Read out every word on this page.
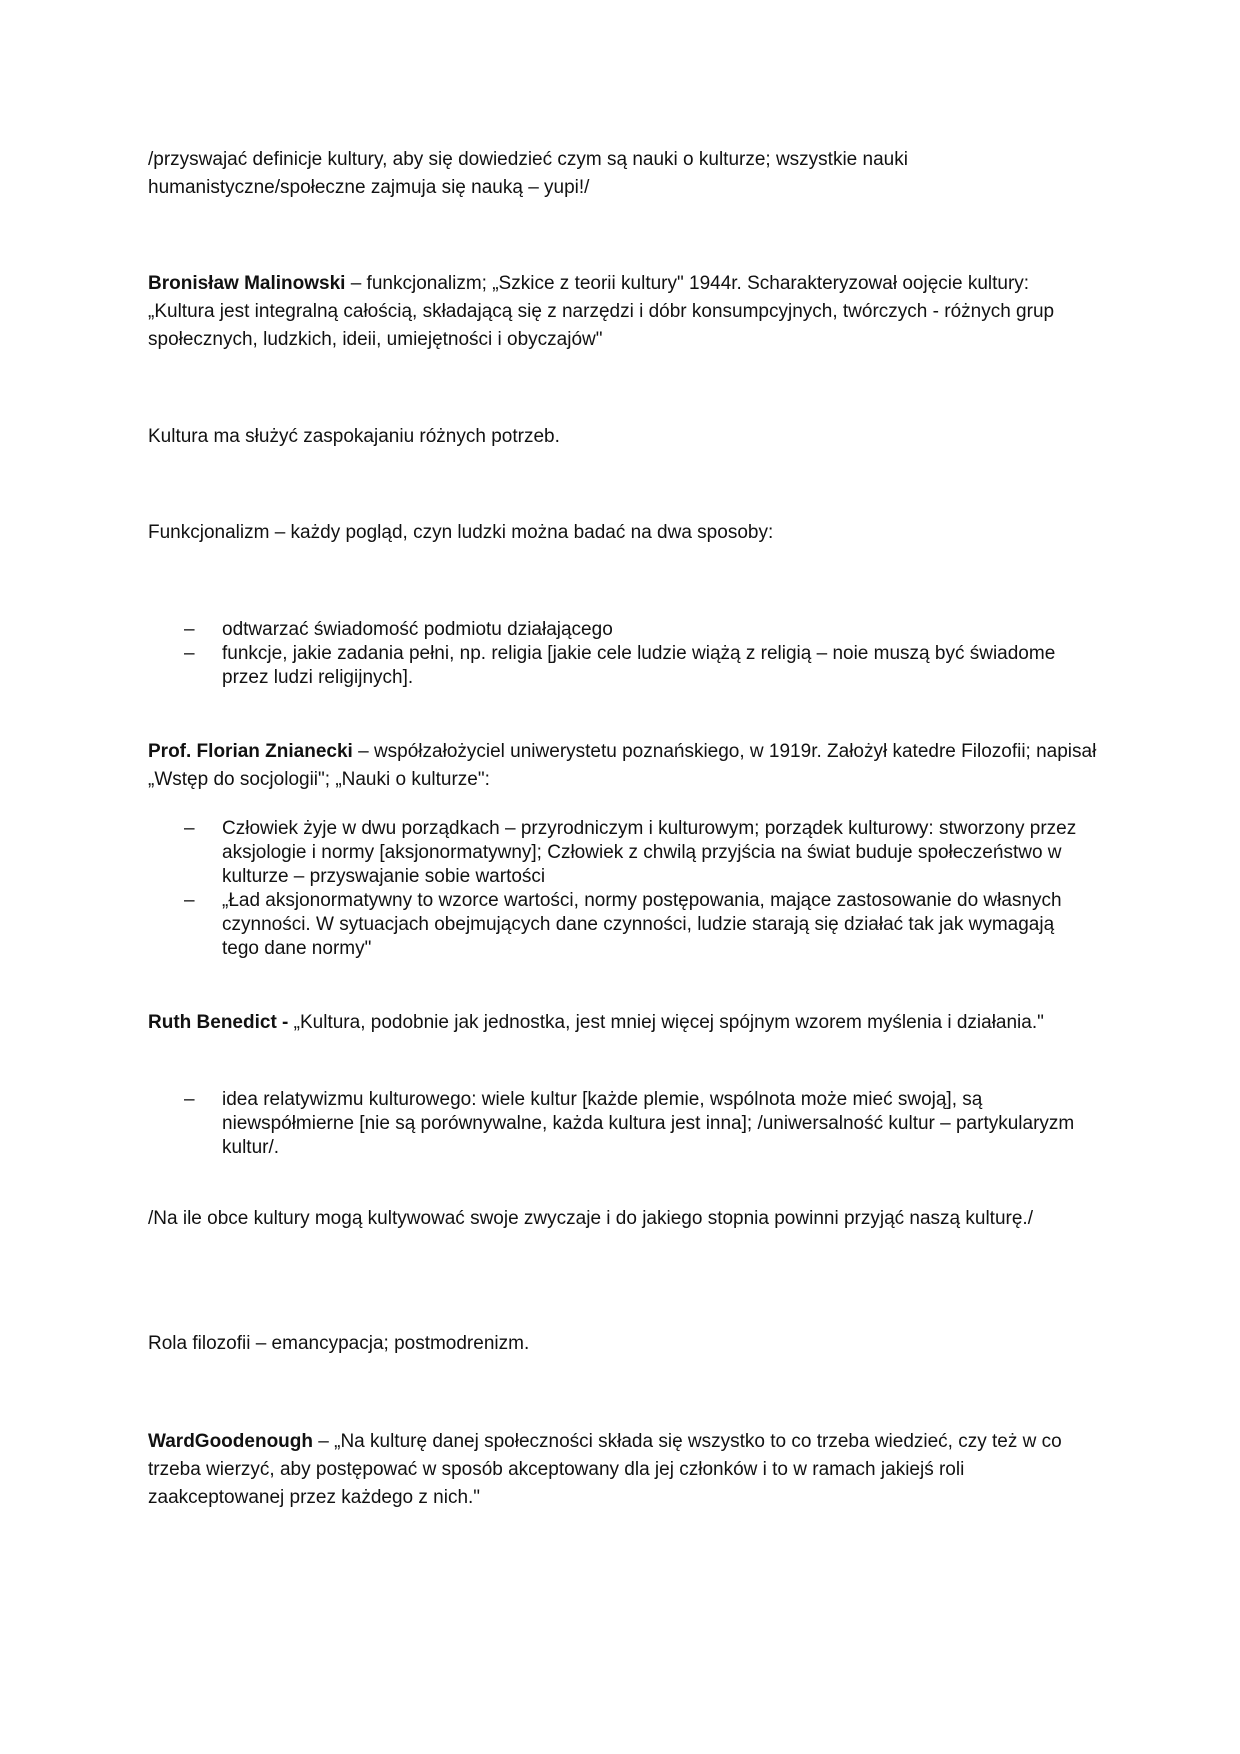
/przyswajać definicje kultury, aby się dowiedzieć czym są nauki o kulturze; wszystkie nauki humanistyczne/społeczne zajmuja się nauką – yupi!/

Bronisław Malinowski – funkcjonalizm; „Szkice z teorii kultury" 1944r. Scharakteryzował oojęcie kultury: „Kultura jest integralną całością, składającą się z narzędzi i dóbr konsumpcyjnych, twórczych - różnych grup społecznych, ludzkich, ideii, umiejętności i obyczajów"

Kultura ma służyć zaspokajaniu różnych potrzeb.

Funkcjonalizm – każdy pogląd, czyn ludzki można badać na dwa sposoby:

–	odtwarzać świadomość podmiotu działającego
–	funkcje, jakie zadania pełni, np. religia [jakie cele ludzie wiążą z religią – noie muszą być świadome przez ludzi religijnych].

Prof. Florian Znianecki – współzałożyciel uniwerystetu poznańskiego, w 1919r. Założył katedre Filozofii; napisał „Wstęp do socjologii"; „Nauki o kulturze":

–	Człowiek żyje w dwu porządkach – przyrodniczym i kulturowym; porządek kulturowy: stworzony przez aksjologie i normy [aksjonormatywny]; Człowiek z chwilą przyjścia na świat buduje społeczeństwo w kulturze – przyswajanie sobie wartości
–	„Ład aksjonormatywny to wzorce wartości, normy postępowania, mające zastosowanie do własnych czynności. W sytuacjach obejmujących dane czynności, ludzie starają się działać tak jak wymagają tego dane normy"

Ruth Benedict - „Kultura, podobnie jak jednostka, jest mniej więcej spójnym wzorem myślenia i działania."

–	idea relatywizmu kulturowego: wiele kultur [każde plemie, wspólnota może mieć swoją], są niewspółmierne [nie są porównywalne, każda kultura jest inna]; /uniwersalność kultur – partykularyzm kultur/.

/Na ile obce kultury mogą kultywować swoje zwyczaje i do jakiego stopnia powinni przyjąć naszą kulturę./

Rola filozofii – emancypacja; postmodrenizm.

WardGoodenough – „Na kulturę danej społeczności składa się wszystko to co trzeba wiedzieć, czy też w co trzeba wierzyć, aby postępować w sposób akceptowany dla jej członków i to w ramach jakiejś roli zaakceptowanej przez każdego z nich."
